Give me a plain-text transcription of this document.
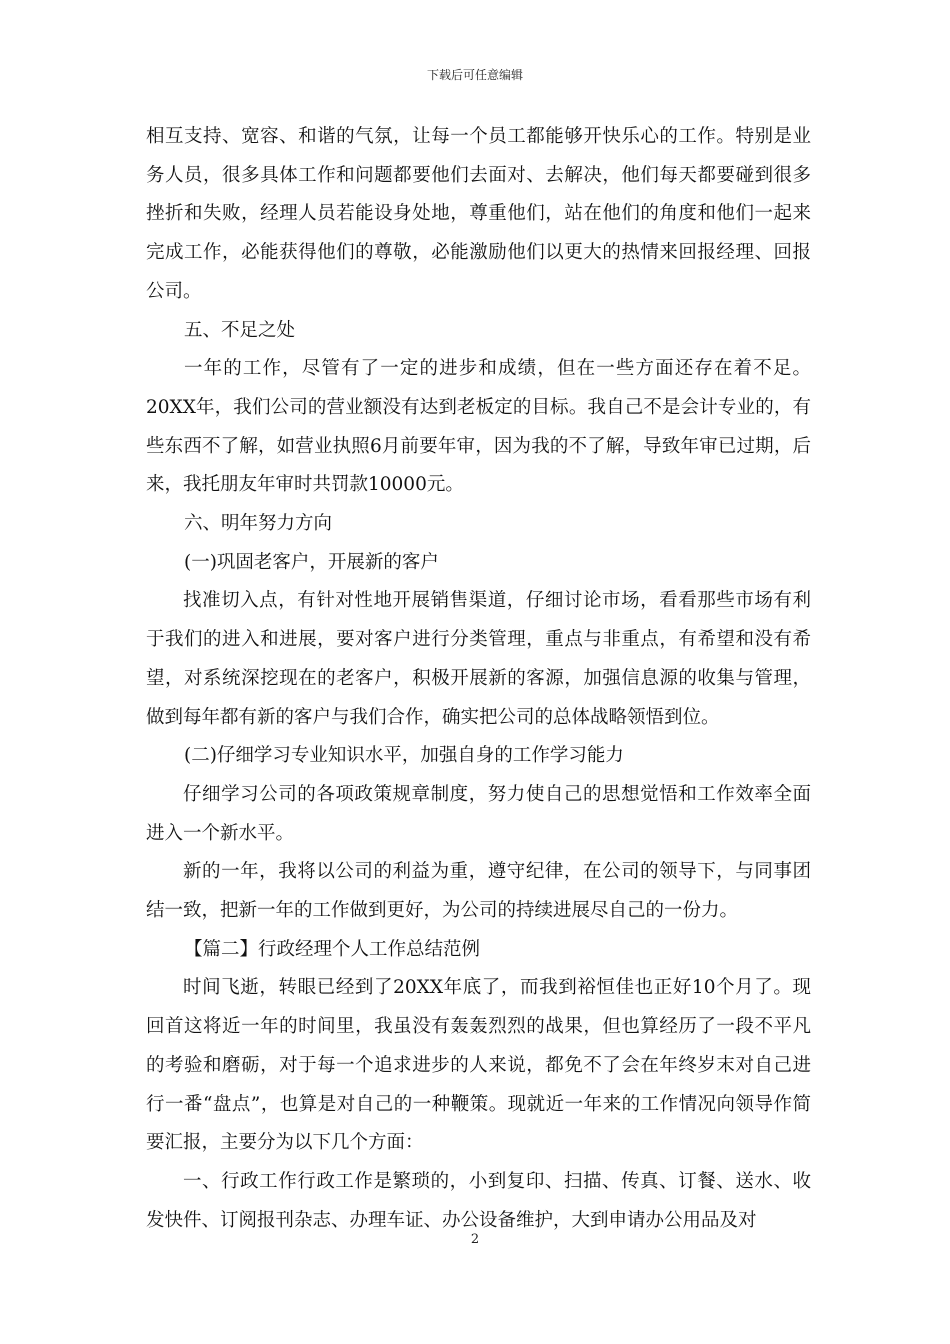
下载后可任意编辑

相互支持、宽容、和谐的气氛，让每一个员工都能够开快乐心的工作。特别是业务人员，很多具体工作和问题都要他们去面对、去解决，他们每天都要碰到很多挫折和失败，经理人员若能设身处地，尊重他们，站在他们的角度和他们一起来完成工作，必能获得他们的尊敬，必能激励他们以更大的热情来回报经理、回报公司。

五、不足之处

一年的工作，尽管有了一定的进步和成绩，但在一些方面还存在着不足。20XX年，我们公司的营业额没有达到老板定的目标。我自己不是会计专业的，有些东西不了解，如营业执照6月前要年审，因为我的不了解，导致年审已过期，后来，我托朋友年审时共罚款10000元。

六、明年努力方向

(一)巩固老客户，开展新的客户

找准切入点，有针对性地开展销售渠道，仔细讨论市场，看看那些市场有利于我们的进入和进展，要对客户进行分类管理，重点与非重点，有希望和没有希望，对系统深挖现在的老客户，积极开展新的客源，加强信息源的收集与管理，做到每年都有新的客户与我们合作，确实把公司的总体战略领悟到位。

(二)仔细学习专业知识水平，加强自身的工作学习能力

仔细学习公司的各项政策规章制度，努力使自己的思想觉悟和工作效率全面进入一个新水平。

新的一年，我将以公司的利益为重，遵守纪律，在公司的领导下，与同事团结一致，把新一年的工作做到更好，为公司的持续进展尽自己的一份力。

【篇二】行政经理个人工作总结范例

时间飞逝，转眼已经到了20XX年底了，而我到裕恒佳也正好10个月了。现回首这将近一年的时间里，我虽没有轰轰烈烈的战果，但也算经历了一段不平凡的考验和磨砺，对于每一个追求进步的人来说，都免不了会在年终岁末对自己进行一番“盘点”，也算是对自己的一种鞭策。现就近一年来的工作情况向领导作简要汇报，主要分为以下几个方面：

一、行政工作行政工作是繁琐的，小到复印、扫描、传真、订餐、送水、收发快件、订阅报刊杂志、办理车证、办公设备维护，大到申请办公用品及对

2
